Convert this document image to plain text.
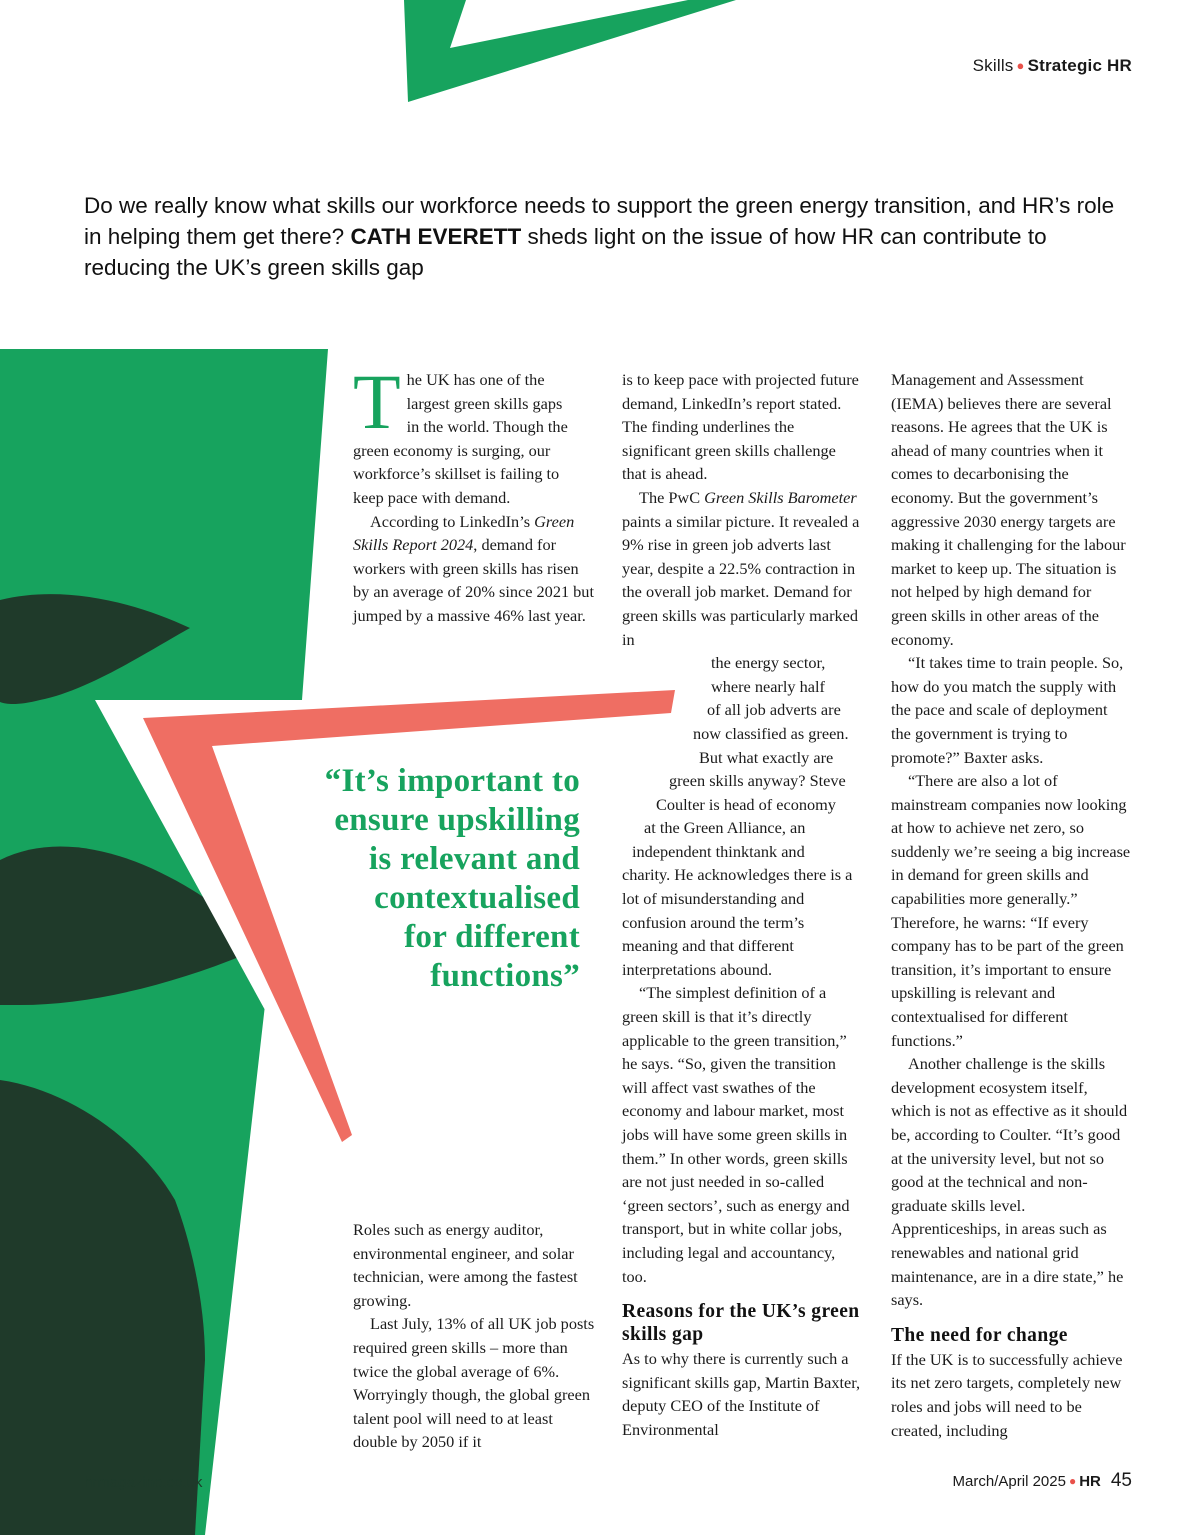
Skills ● Strategic HR
Do we really know what skills our workforce needs to support the green energy transition, and HR’s role in helping them get there? CATH EVERETT sheds light on the issue of how HR can contribute to reducing the UK’s green skills gap
T he UK has one of the
largest green skills gaps
in the world. Though the
green economy is surging, our
workforce’s skillset is failing to
keep pace with demand.

According to LinkedIn’s Green Skills Report 2024, demand for workers with green skills has risen by an average of 20% since 2021 but jumped by a massive 46% last year.

Roles such as energy auditor, environmental engineer, and solar technician, were among the fastest growing.

Last July, 13% of all UK job posts required green skills – more than twice the global average of 6%. Worryingly though, the global green talent pool will need to at least double by 2050 if it

“It’s important to
ensure upskilling
is relevant and
contextualised
for different
functions”

is to keep pace with projected future demand, LinkedIn’s report stated. The finding underlines the significant green skills challenge that is ahead.

The PwC Green Skills Barometer paints a similar picture. It revealed a 9% rise in green job adverts last year, despite a 22.5% contraction in the overall job market. Demand for green skills was particularly marked in

the energy sector,
where nearly half
of all job adverts are
now classified as green.
But what exactly are
green skills anyway? Steve
Coulter is head of economy
at the Green Alliance, an
independent thinktank and

charity. He acknowledges there is a lot of misunderstanding and confusion around the term’s meaning and that different interpretations abound.

“The simplest definition of a green skill is that it’s directly applicable to the green transition,” he says. “So, given the transition will affect vast swathes of the economy and labour market, most jobs will have some green skills in them.” In other words, green skills are not just needed in so-called ‘green sectors’, such as energy and transport, but in white collar jobs, including legal and accountancy, too.

Reasons for the UK’s green skills gap

As to why there is currently such a significant skills gap, Martin Baxter, deputy CEO of the Institute of Environmental

Management and Assessment (IEMA) believes there are several reasons. He agrees that the UK is ahead of many countries when it comes to decarbonising the economy. But the government’s aggressive 2030 energy targets are making it challenging for the labour market to keep up. The situation is not helped by high demand for green skills in other areas of the economy.

“It takes time to train people. So, how do you match the supply with the pace and scale of deployment the government is trying to promote?” Baxter asks.

“There are also a lot of mainstream companies now looking at how to achieve net zero, so suddenly we’re seeing a big increase in demand for green skills and capabilities more generally.” Therefore, he warns: “If every company has to be part of the green transition, it’s important to ensure upskilling is relevant and contextualised for different functions.”

Another challenge is the skills development ecosystem itself, which is not as effective as it should be, according to Coulter. “It’s good at the university level, but not so good at the technical and non-graduate skills level. Apprenticeships, in areas such as renewables and national grid maintenance, are in a dire state,” he says.

The need for change

If the UK is to successfully achieve its net zero targets, completely new roles and jobs will need to be created, including

hrmagazine.co.uk	March/April 2025 ● HR 45
